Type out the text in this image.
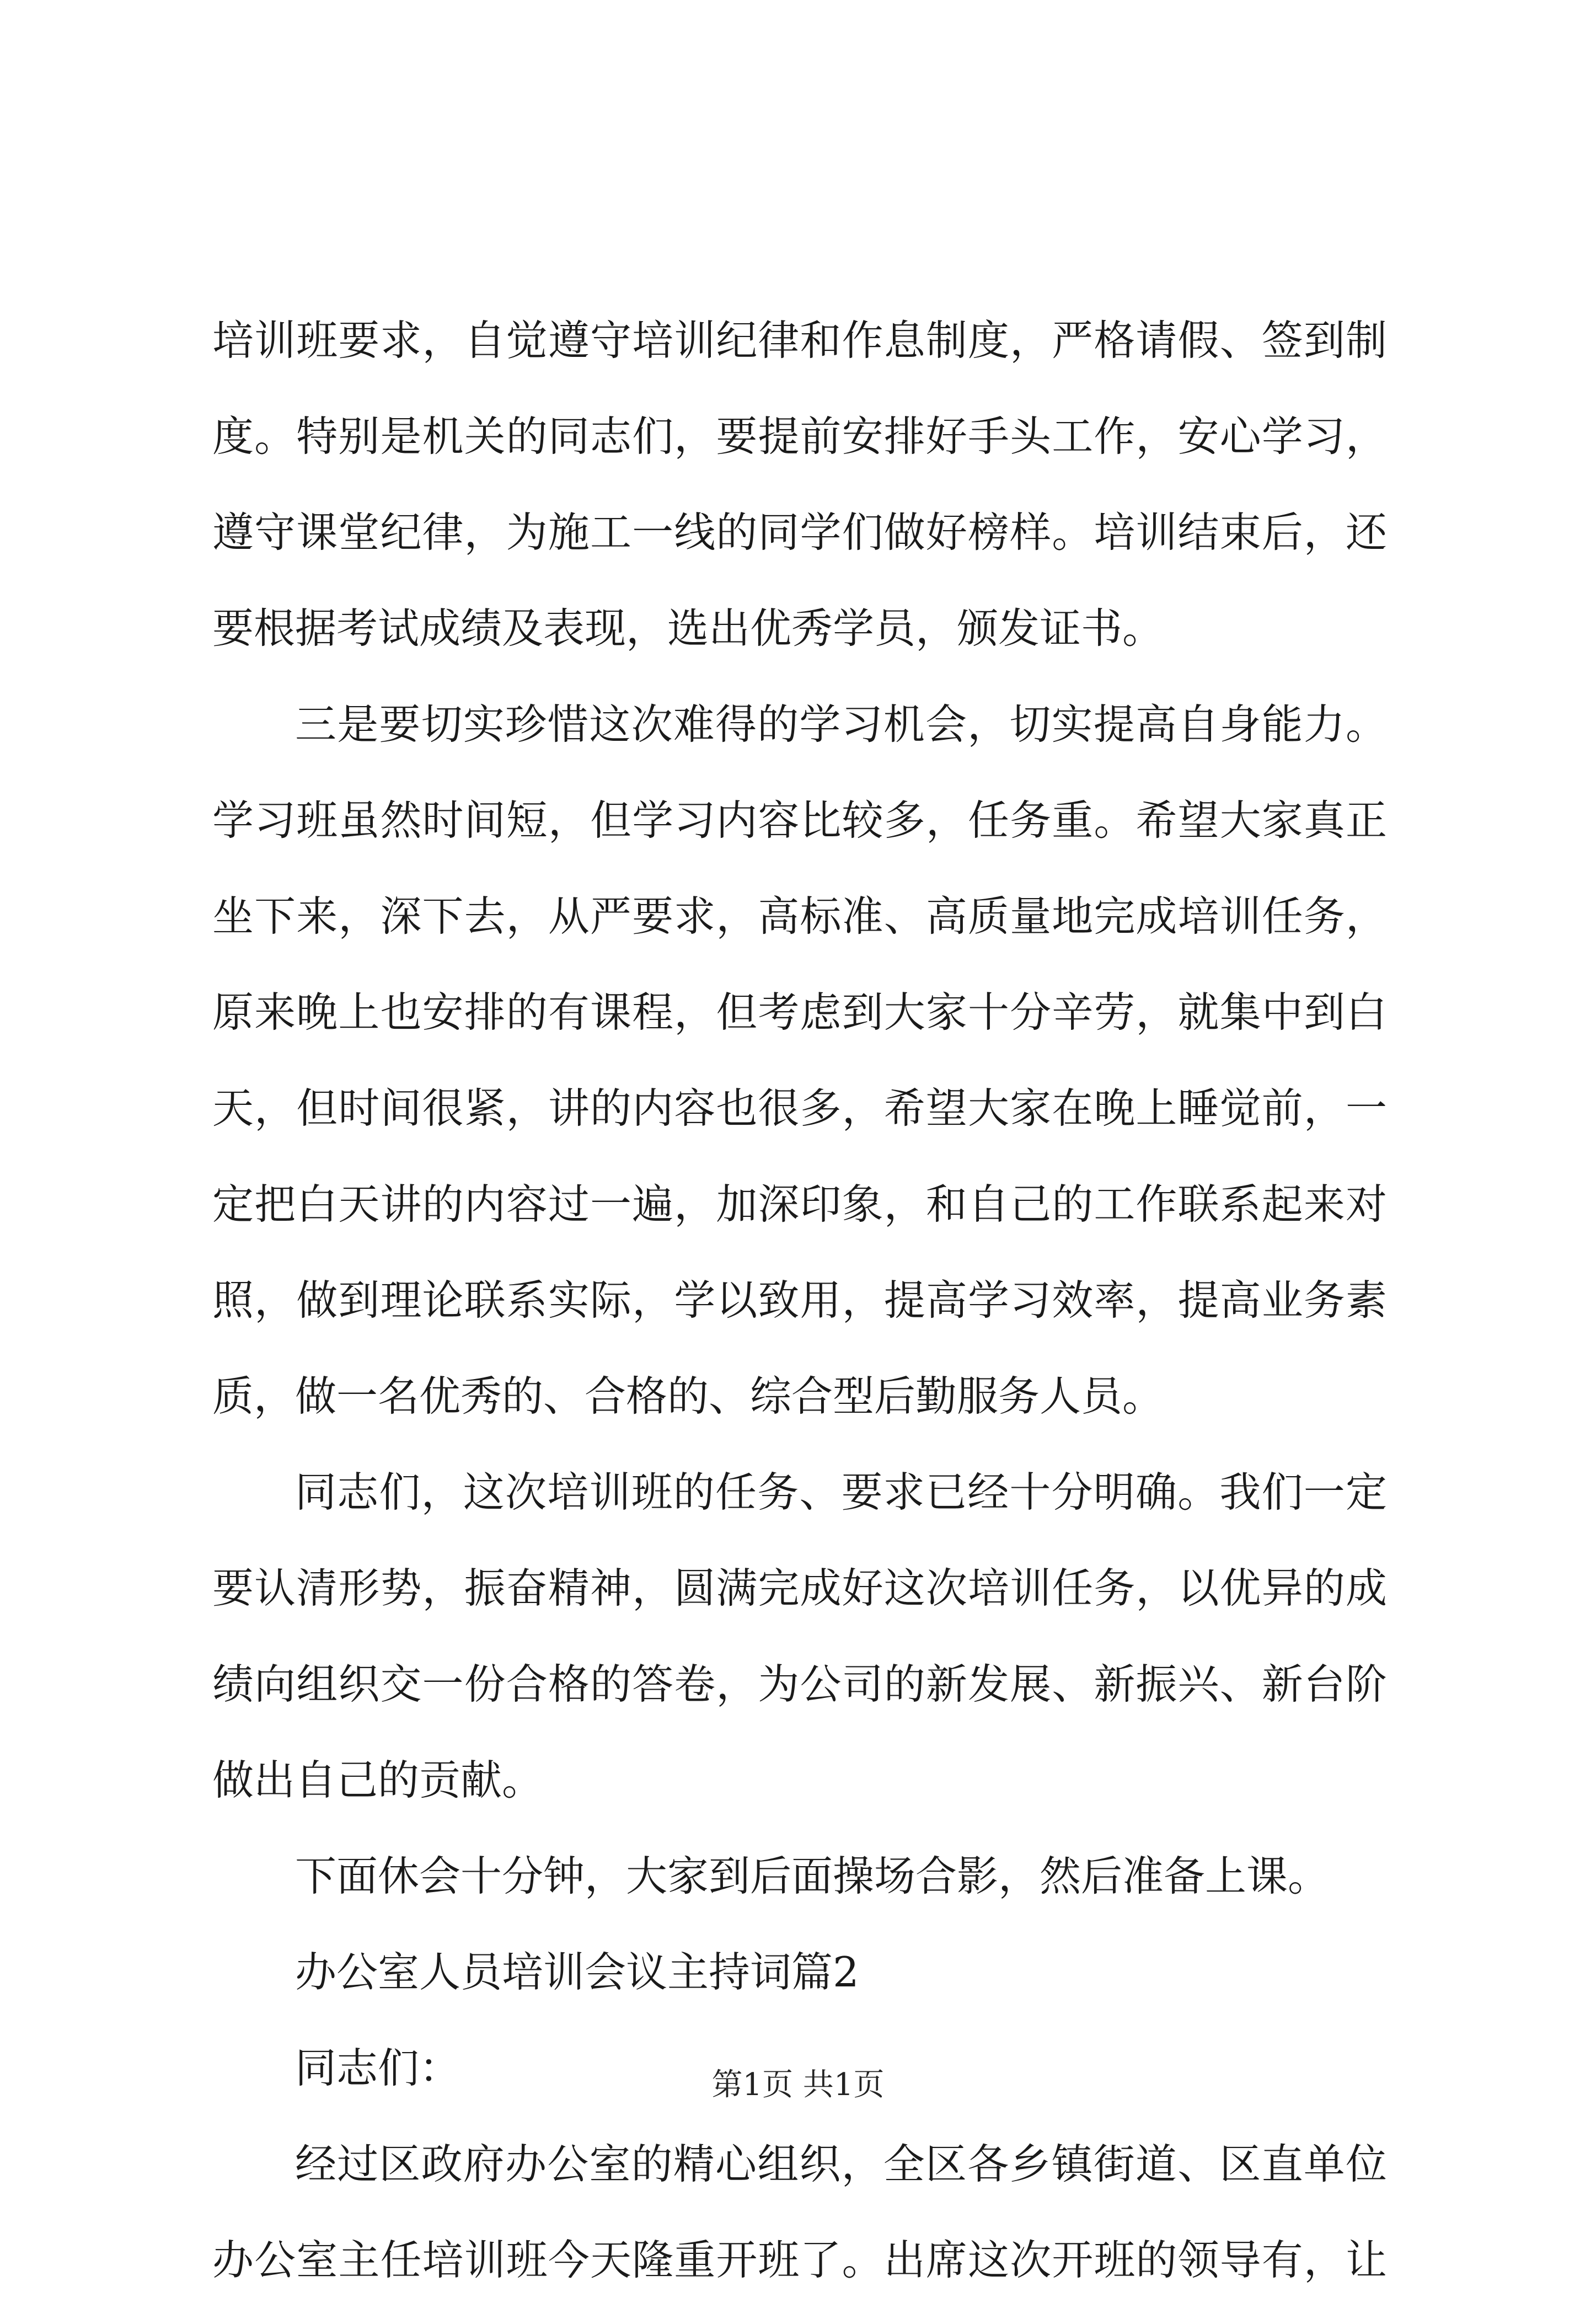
培训班要求，自觉遵守培训纪律和作息制度，严格请假、签到制
度。特别是机关的同志们，要提前安排好手头工作，安心学习，
遵守课堂纪律，为施工一线的同学们做好榜样。培训结束后，还
要根据考试成绩及表现，选出优秀学员，颁发证书。
三是要切实珍惜这次难得的学习机会，切实提高自身能力。
学习班虽然时间短，但学习内容比较多，任务重。希望大家真正
坐下来，深下去，从严要求，高标准、高质量地完成培训任务，
原来晚上也安排的有课程，但考虑到大家十分辛劳，就集中到白
天，但时间很紧，讲的内容也很多，希望大家在晚上睡觉前，一
定把白天讲的内容过一遍，加深印象，和自己的工作联系起来对
照，做到理论联系实际，学以致用，提高学习效率，提高业务素
质，做一名优秀的、合格的、综合型后勤服务人员。
同志们，这次培训班的任务、要求已经十分明确。我们一定
要认清形势，振奋精神，圆满完成好这次培训任务，以优异的成
绩向组织交一份合格的答卷，为公司的新发展、新振兴、新台阶
做出自己的贡献。
下面休会十分钟，大家到后面操场合影，然后准备上课。
办公室人员培训会议主持词篇2
同志们：
经过区政府办公室的精心组织，全区各乡镇街道、区直单位
办公室主任培训班今天隆重开班了。出席这次开班的领导有，让
第1页 共1页
